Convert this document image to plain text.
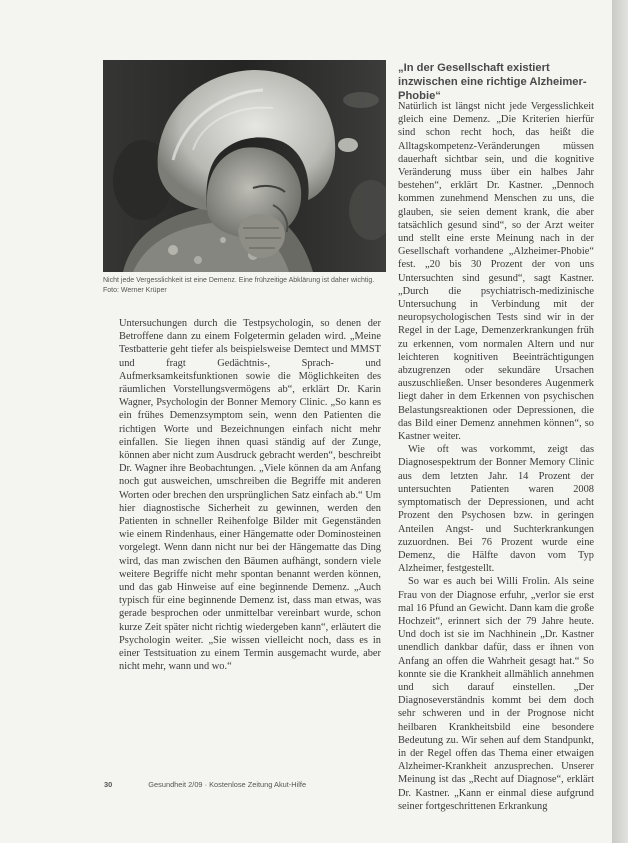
Nicht jede Vergesslichkeit ist eine Demenz. Eine frühzeitige Abklärung ist daher wichtig. Foto: Werner Krüper

„In der Gesellschaft existiert inzwischen eine richtige Alzheimer-Phobie“

Untersuchungen durch die Testpsychologin, so denen der Betroffene dann zu einem Folgetermin geladen wird. „Meine Testbatterie geht tiefer als beispielsweise Demtect und MMST und fragt Gedächtnis-, Sprach- und Aufmerksamkeitsfunktionen sowie die Möglichkeiten des räumlichen Vorstellungsvermögens ab“, erklärt Dr. Karin Wagner, Psychologin der Bonner Memory Clinic. „So kann es ein frühes Demenzsymptom sein, wenn den Patienten die richtigen Worte und Bezeichnungen einfach nicht mehr einfallen. Sie liegen ihnen quasi ständig auf der Zunge, können aber nicht zum Ausdruck gebracht werden“, beschreibt Dr. Wagner ihre Beobachtungen. „Viele können da am Anfang noch gut ausweichen, umschreiben die Begriffe mit anderen Worten oder brechen den ursprünglichen Satz einfach ab.“ Um hier diagnostische Sicherheit zu gewinnen, werden den Patienten in schneller Reihenfolge Bilder mit Gegenständen wie einem Rindenhaus, einer Hängematte oder Dominosteinen vorgelegt. Wenn dann nicht nur bei der Hängematte das Ding wird, das man zwischen den Bäumen aufhängt, sondern viele weitere Begriffe nicht mehr spontan benannt werden können, und das gab Hinweise auf eine beginnende Demenz. „Auch typisch für eine beginnende Demenz ist, dass man etwas, was gerade besprochen oder unmittelbar vereinbart wurde, schon kurze Zeit später nicht richtig wiedergeben kann“, erläutert die Psychologin weiter. „Sie wissen vielleicht noch, dass es in einer Testsituation zu einem Termin ausgemacht wurde, aber nicht mehr, wann und wo.“

Natürlich ist längst nicht jede Vergesslichkeit gleich eine Demenz. „Die Kriterien hierfür sind schon recht hoch, das heißt die Alltagskompetenz-Veränderungen müssen dauerhaft sichtbar sein, und die kognitive Veränderung muss über ein halbes Jahr bestehen“, erklärt Dr. Kastner. „Dennoch kommen zunehmend Menschen zu uns, die glauben, sie seien dement krank, die aber tatsächlich gesund sind“, so der Arzt weiter und stellt eine erste Meinung nach in der Gesellschaft vorhandene „Alzheimer-Phobie“ fest. „20 bis 30 Prozent der von uns Untersuchten sind gesund“, sagt Kastner. „Durch die psychiatrisch-medizinische Untersuchung in Verbindung mit der neuropsychologischen Tests sind wir in der Regel in der Lage, Demenzerkrankungen früh zu erkennen, vom normalen Altern und nur leichteren kognitiven Beeinträchtigungen abzugrenzen oder sekundäre Ursachen auszuschließen. Unser besonderes Augenmerk liegt daher in dem Erkennen von psychischen Belastungsreaktionen oder Depressionen, die das Bild einer Demenz annehmen können“, so Kastner weiter.

Wie oft was vorkommt, zeigt das Diagnosespektrum der Bonner Memory Clinic aus dem letzten Jahr. 14 Prozent der untersuchten Patienten waren 2008 symptomatisch der Depressionen, und acht Prozent den Psychosen bzw. in geringen Anteilen Angst- und Suchterkrankungen zuzuordnen. Bei 76 Prozent wurde eine Demenz, die Hälfte davon vom Typ Alzheimer, festgestellt.

So war es auch bei Willi Frolin. Als seine Frau von der Diagnose erfuhr, „verlor sie erst mal 16 Pfund an Gewicht. Dann kam die große Hochzeit“, erinnert sich der 79 Jahre heute. Und doch ist sie im Nachhinein „Dr. Kastner unendlich dankbar dafür, dass er ihnen von Anfang an offen die Wahrheit gesagt hat.“ So konnte sie die Krankheit allmählich annehmen und sich darauf einstellen. „Der Diagnoseverständnis kommt bei dem doch sehr schweren und in der Prognose nicht heilbaren Krankheitsbild eine besondere Bedeutung zu. Wir sehen auf dem Standpunkt, in der Regel offen das Thema einer etwaigen Alzheimer-Krankheit anzusprechen. Unserer Meinung ist das „Recht auf Diagnose“, erklärt Dr. Kastner. „Kann er einmal diese aufgrund seiner fortgeschrittenen Erkrankung

30	Gesundheit 2/09 · Kostenlose Zeitung Akut-Hilfe
